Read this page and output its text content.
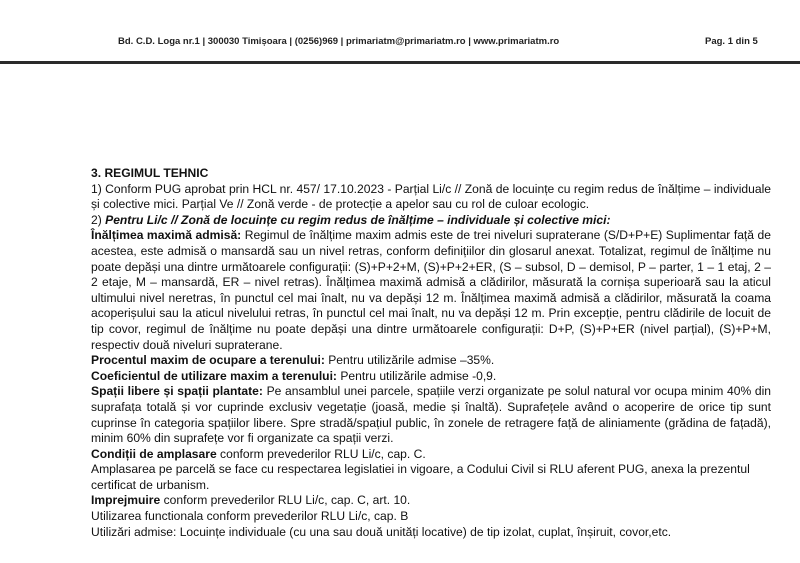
Bd. C.D. Loga nr.1 | 300030 Timișoara | (0256)969 | primariatm@primariatm.ro | www.primariatm.ro	Pag. 1 din 5

3. REGIMUL TEHNIC

1) Conform PUG aprobat prin HCL nr. 457/ 17.10.2023 - Parțial Li/c // Zonă de locuințe cu regim redus de înălțime – individuale și colective mici. Parțial Ve // Zonă verde - de protecție a apelor sau cu rol de culoar ecologic.

2) Pentru Li/c // Zonă de locuințe cu regim redus de înălțime – individuale și colective mici:

Înălțimea maximă admisă: Regimul de înălțime maxim admis este de trei niveluri supraterane (S/D+P+E) Suplimentar față de acestea, este admisă o mansardă sau un nivel retras, conform definițiilor din glosarul anexat. Totalizat, regimul de înălțime nu poate depăși una dintre următoarele configurații: (S)+P+2+M, (S)+P+2+ER, (S – subsol, D – demisol, P – parter, 1 – 1 etaj, 2 – 2 etaje, M – mansardă, ER – nivel retras). Înălțimea maximă admisă a clădirilor, măsurată la cornișa superioară sau la aticul ultimului nivel neretras, în punctul cel mai înalt, nu va depăși 12 m. Înălțimea maximă admisă a clădirilor, măsurată la coama acoperișului sau la aticul nivelului retras, în punctul cel mai înalt, nu va depăși 12 m. Prin excepție, pentru clădirile de locuit de tip covor, regimul de înălțime nu poate depăși una dintre următoarele configurații: D+P, (S)+P+ER (nivel parțial), (S)+P+M, respectiv două niveluri supraterane.

Procentul maxim de ocupare a terenului: Pentru utilizările admise –35%.

Coeficientul de utilizare maxim a terenului: Pentru utilizările admise -0,9.

Spații libere și spații plantate: Pe ansamblul unei parcele, spațiile verzi organizate pe solul natural vor ocupa minim 40% din suprafața totală și vor cuprinde exclusiv vegetație (joasă, medie și înaltă). Suprafețele având o acoperire de orice tip sunt cuprinse în categoria spațiilor libere. Spre stradă/spațiul public, în zonele de retragere față de aliniamente (grădina de fațadă), minim 60% din suprafețe vor fi organizate ca spații verzi.

Condiții de amplasare conform prevederilor RLU Li/c, cap. C.

Amplasarea pe parcelă se face cu respectarea legislatiei in vigoare, a Codului Civil si RLU aferent PUG, anexa la prezentul certificat de urbanism.

Imprejmuire conform prevederilor RLU Li/c, cap. C, art. 10.

Utilizarea functionala conform prevederilor RLU Li/c, cap. B

Utilizări admise: Locuințe individuale (cu una sau două unități locative) de tip izolat, cuplat, înșiruit, covor,etc.
